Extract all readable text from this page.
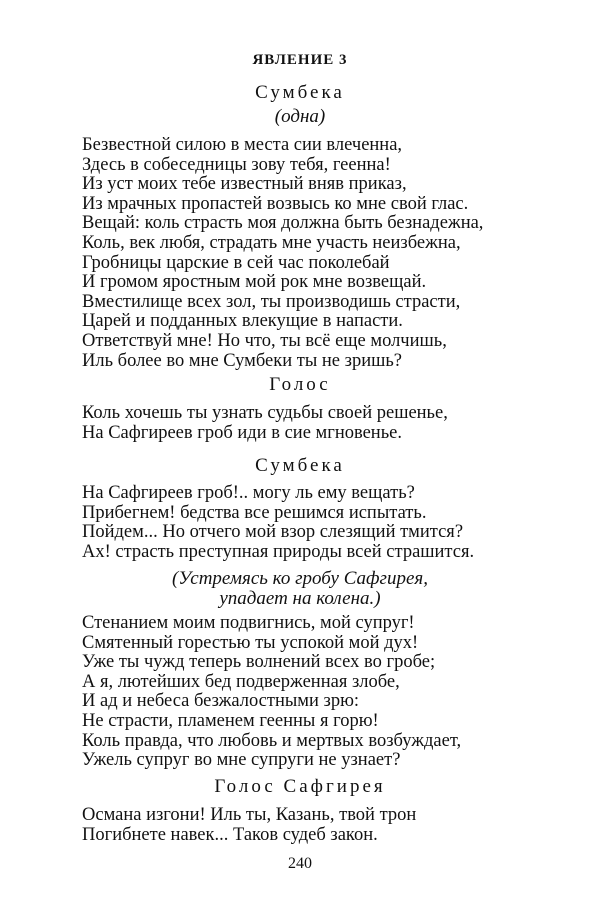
ЯВЛЕНИЕ 3
Сумбека
(одна)
Безвестной силою в места сии влеченна,
Здесь в собеседницы зову тебя, геенна!
Из уст моих тебе известный вняв приказ,
Из мрачных пропастей возвысь ко мне свой глас.
Вещай: коль страсть моя должна быть безнадежна,
Коль, век любя, страдать мне участь неизбежна,
Гробницы царские в сей час поколебай
И громом яростным мой рок мне возвещай.
Вместилище всех зол, ты производишь страсти,
Царей и подданных влекущие в напасти.
Ответствуй мне! Но что, ты всё еще молчишь,
Иль более во мне Сумбеки ты не зришь?
Голос
Коль хочешь ты узнать судьбы своей решенье,
На Сафгиреев гроб иди в сие мгновенье.
Сумбека
На Сафгиреев гроб!.. могу ль ему вещать?
Прибегнем! бедства все решимся испытать.
Пойдем... Но отчего мой взор слезящий тмится?
Ах! страсть преступная природы всей страшится.
(Устремясь ко гробу Сафгирея,
упадает на колена.)
Стенанием моим подвигнись, мой супруг!
Смятенный горестью ты успокой мой дух!
Уже ты чужд теперь волнений всех во гробе;
А я, лютейших бед подверженная злобе,
И ад и небеса безжалостными зрю:
Не страсти, пламенем геенны я горю!
Коль правда, что любовь и мертвых возбуждает,
Ужель супруг во мне супруги не узнает?
Голос Сафгирея
Османа изгони! Иль ты, Казань, твой трон
Погибнете навек... Таков судеб закон.
240
